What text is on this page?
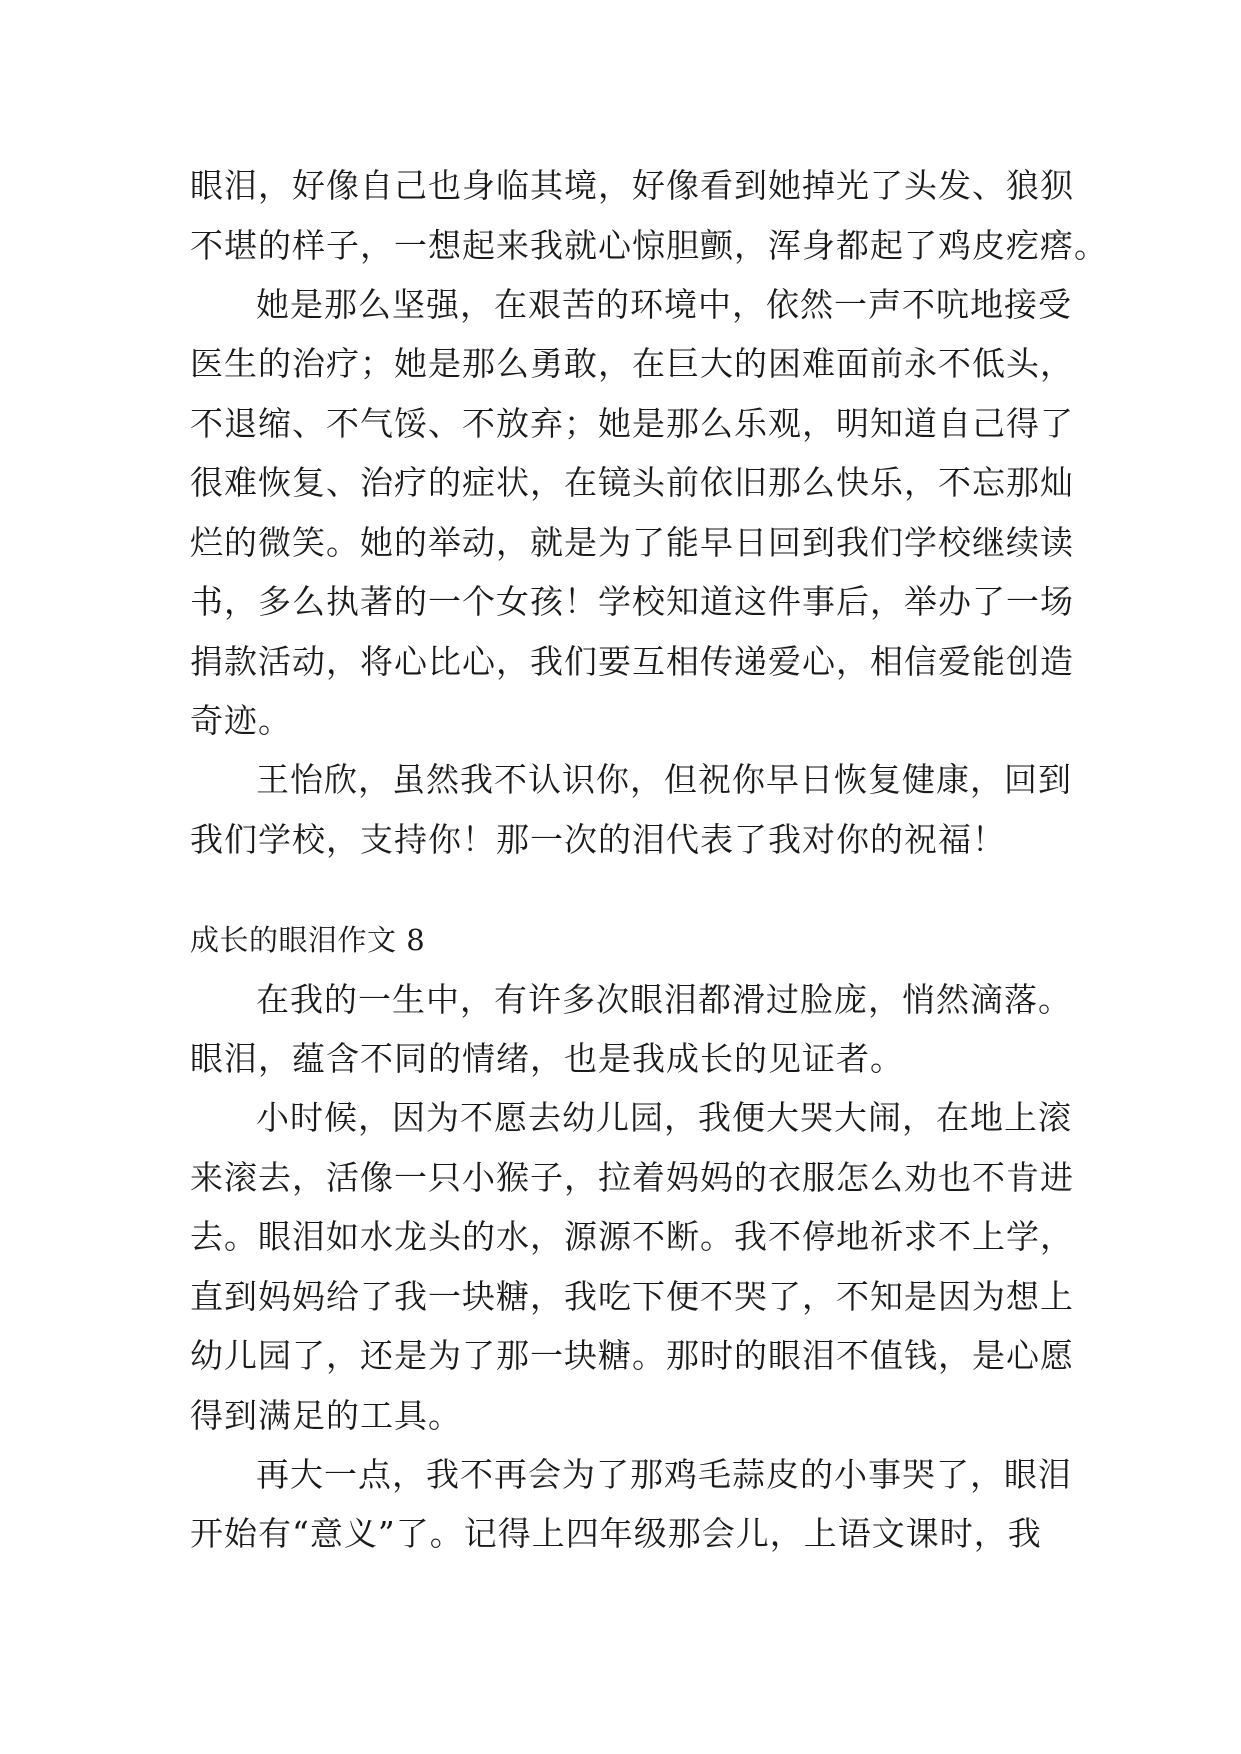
眼泪，好像自己也身临其境，好像看到她掉光了头发、狼狈
不堪的样子，一想起来我就心惊胆颤，浑身都起了鸡皮疙瘩。
她是那么坚强，在艰苦的环境中，依然一声不吭地接受
医生的治疗；她是那么勇敢，在巨大的困难面前永不低头，
不退缩、不气馁、不放弃；她是那么乐观，明知道自己得了
很难恢复、治疗的症状，在镜头前依旧那么快乐，不忘那灿
烂的微笑。她的举动，就是为了能早日回到我们学校继续读
书，多么执著的一个女孩！学校知道这件事后，举办了一场
捐款活动，将心比心，我们要互相传递爱心，相信爱能创造
奇迹。
王怡欣，虽然我不认识你，但祝你早日恢复健康，回到
我们学校，支持你！那一次的泪代表了我对你的祝福！
成长的眼泪作文 8
在我的一生中，有许多次眼泪都滑过脸庞，悄然滴落。
眼泪，蕴含不同的情绪，也是我成长的见证者。
小时候，因为不愿去幼儿园，我便大哭大闹，在地上滚
来滚去，活像一只小猴子，拉着妈妈的衣服怎么劝也不肯进
去。眼泪如水龙头的水，源源不断。我不停地祈求不上学，
直到妈妈给了我一块糖，我吃下便不哭了，不知是因为想上
幼儿园了，还是为了那一块糖。那时的眼泪不值钱，是心愿
得到满足的工具。
再大一点，我不再会为了那鸡毛蒜皮的小事哭了，眼泪
开始有“意义”了。记得上四年级那会儿，上语文课时，我
